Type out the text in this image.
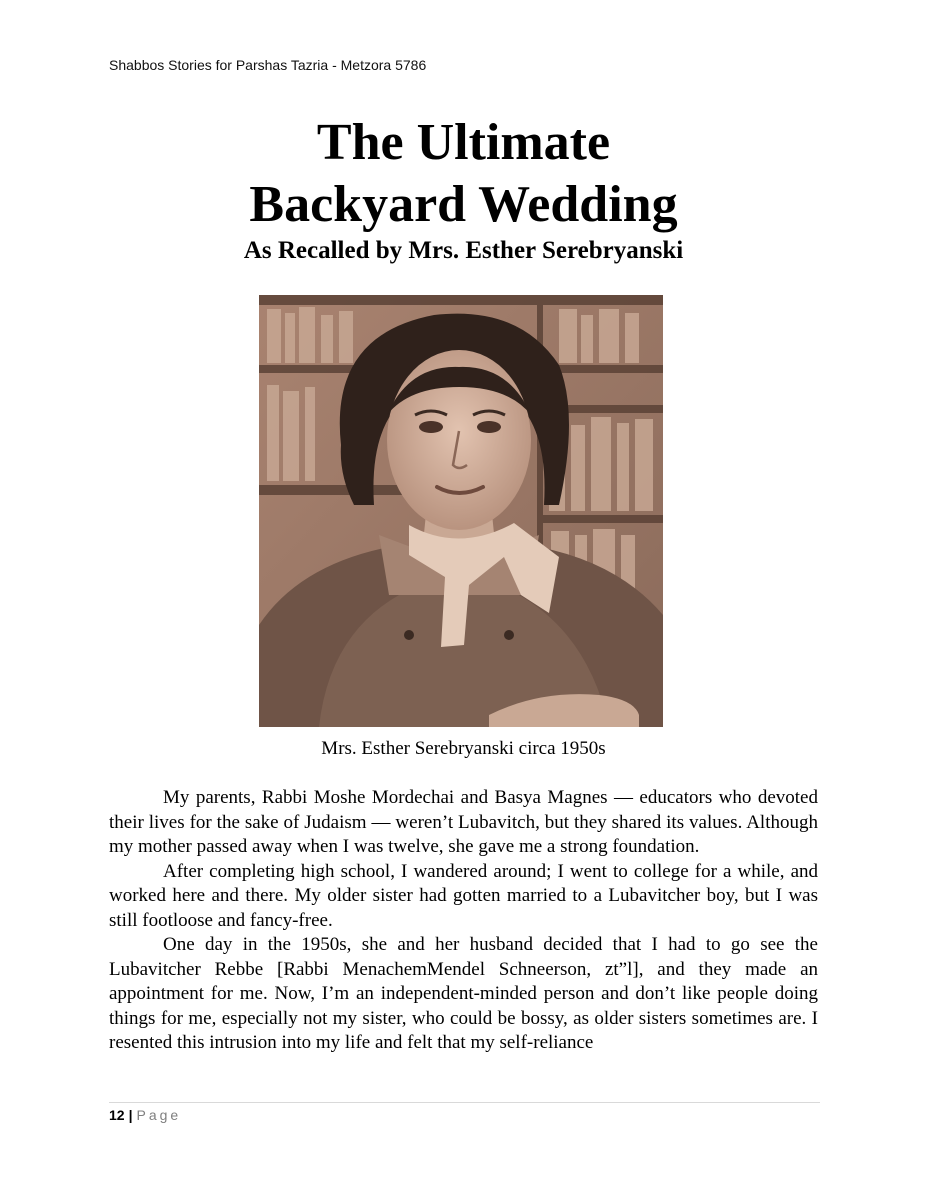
Shabbos Stories for Parshas Tazria - Metzora 5786
The Ultimate
Backyard Wedding
As Recalled by Mrs. Esther Serebryanski
Mrs. Esther Serebryanski circa 1950s

My parents, Rabbi Moshe Mordechai and Basya Magnes — educators who devoted their lives for the sake of Judaism — weren’t Lubavitch, but they shared its values. Although my mother passed away when I was twelve, she gave me a strong foundation.

After completing high school, I wandered around; I went to college for a while, and worked here and there. My older sister had gotten married to a Lubavitcher boy, but I was still footloose and fancy-free.

One day in the 1950s, she and her husband decided that I had to go see the Lubavitcher Rebbe [Rabbi MenachemMendel Schneerson, zt”l], and they made an appointment for me. Now, I’m an independent-minded person and don’t like people doing things for me, especially not my sister, who could be bossy, as older sisters sometimes are. I resented this intrusion into my life and felt that my self-reliance

12 | Page
